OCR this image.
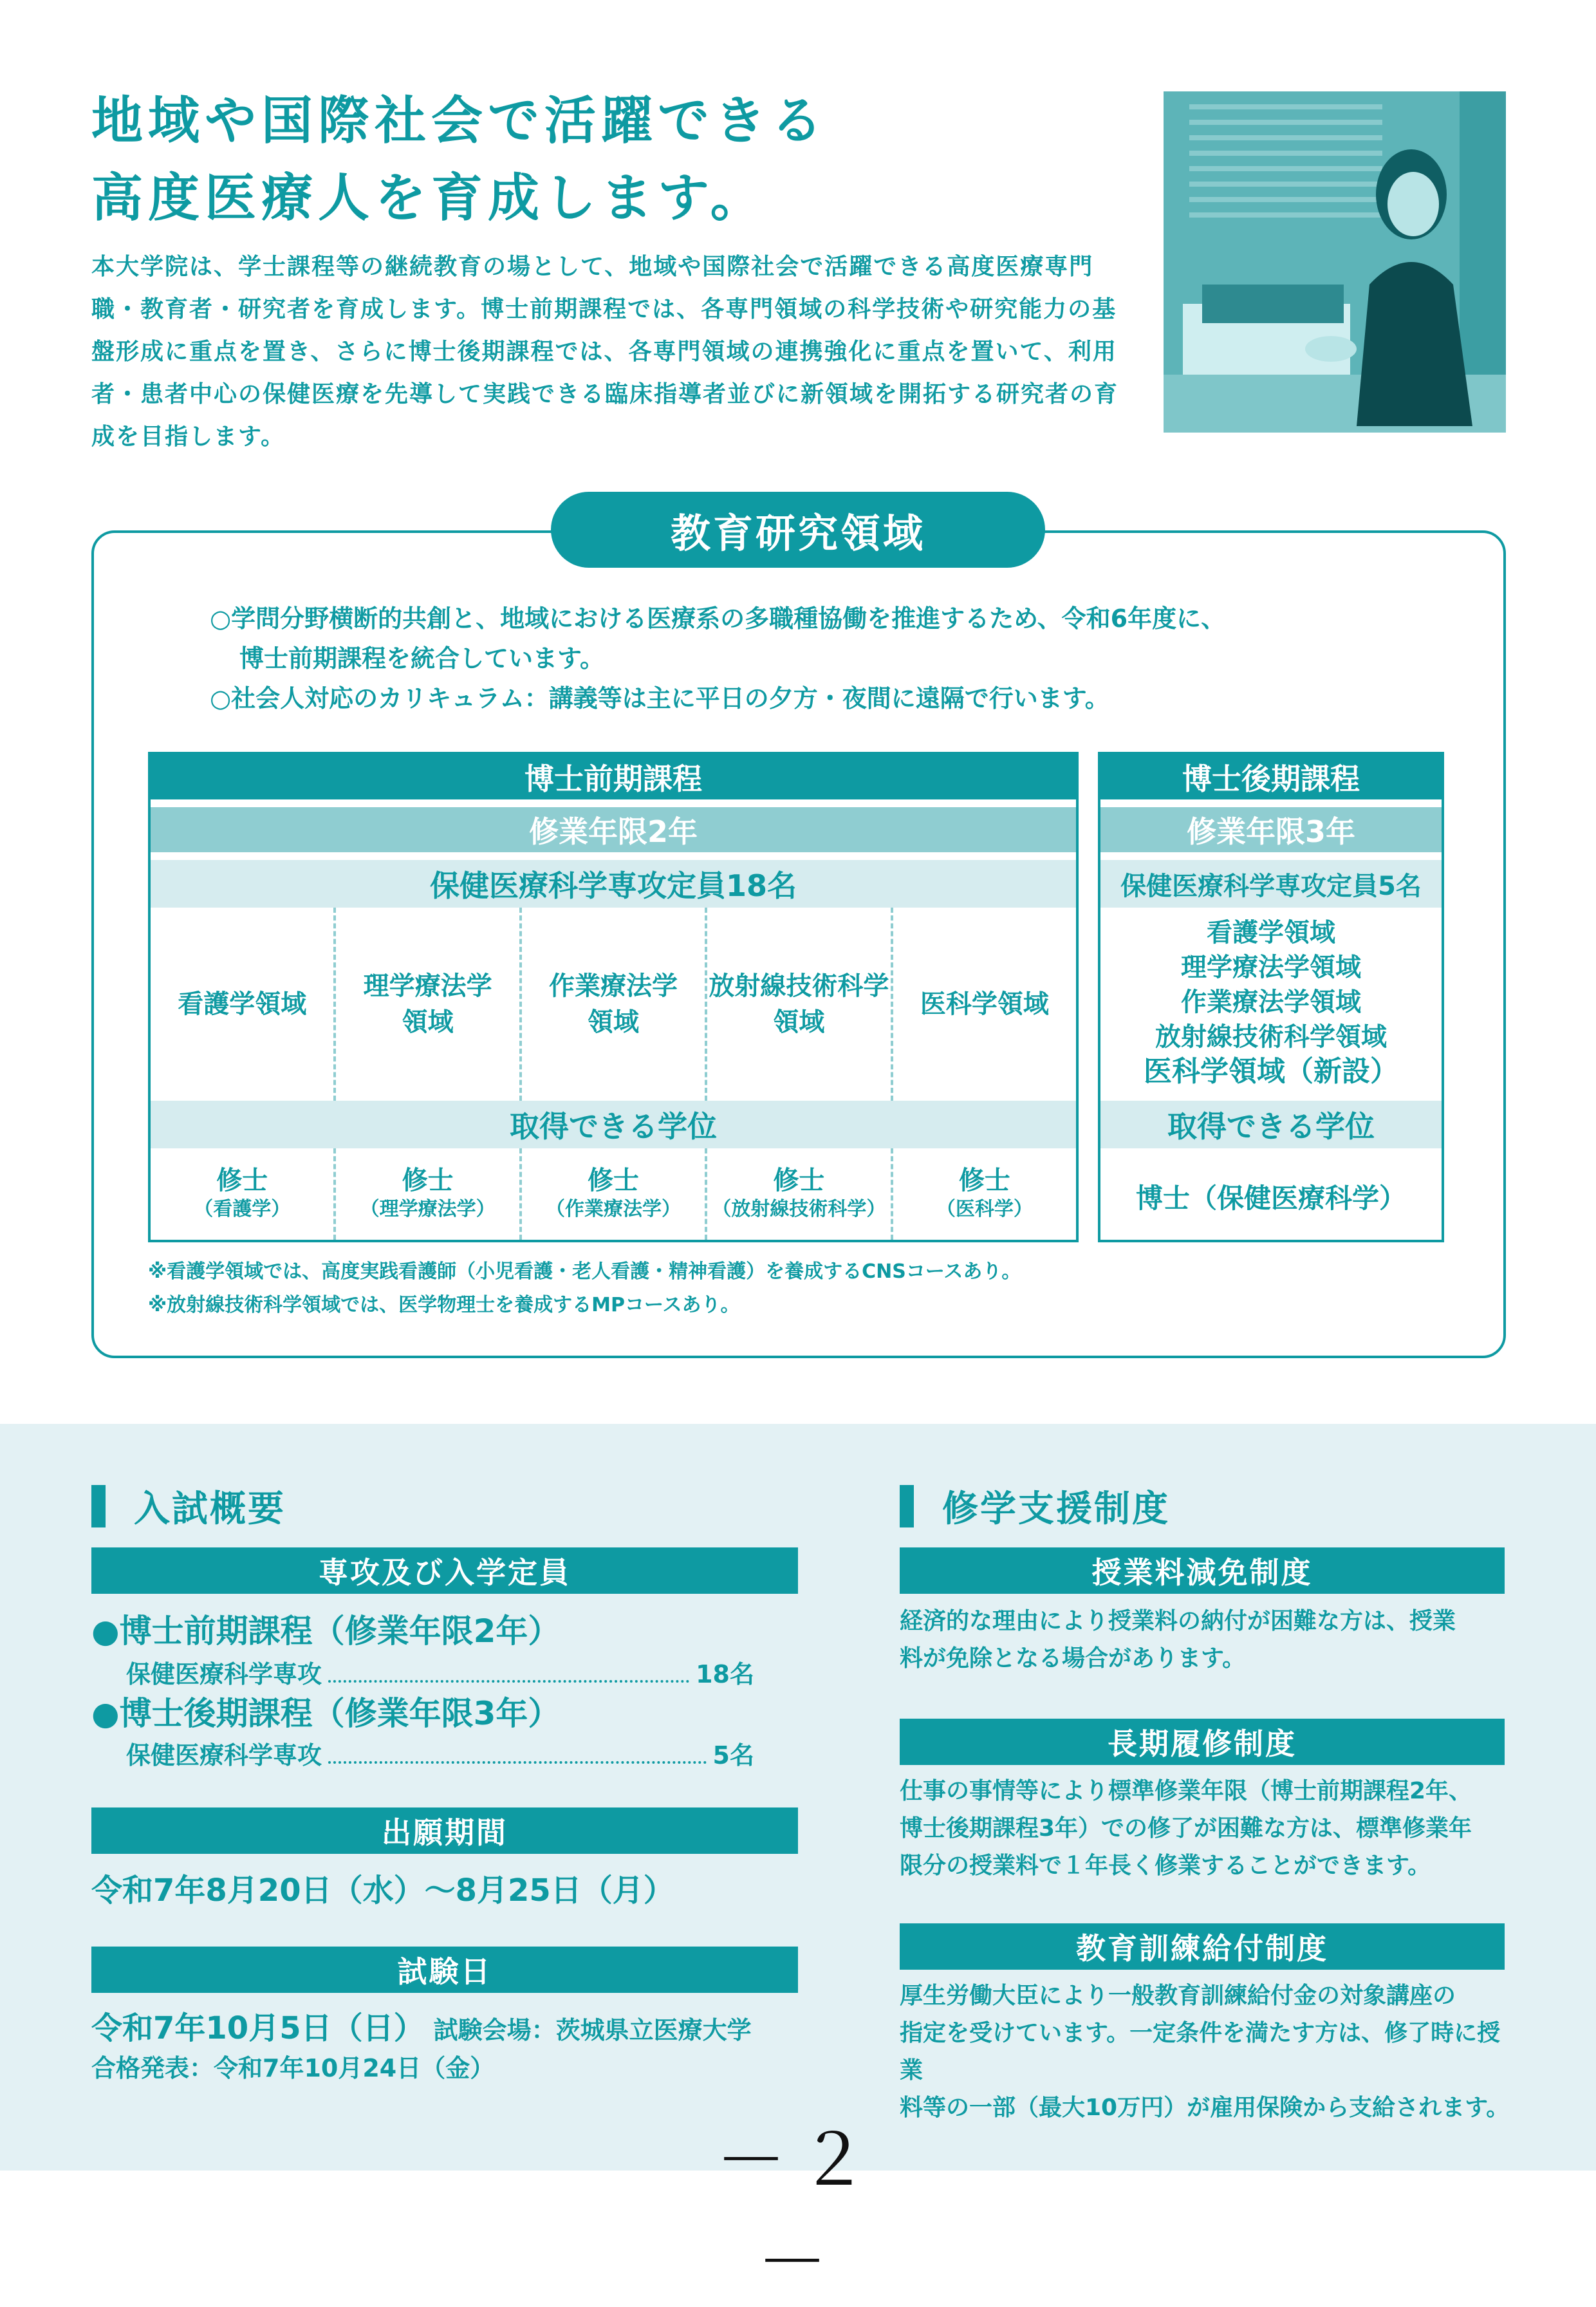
地域や国際社会で活躍できる
高度医療人を育成します。
本大学院は、学士課程等の継続教育の場として、地域や国際社会で活躍できる高度医療専門職・教育者・研究者を育成します。博士前期課程では、各専門領域の科学技術や研究能力の基盤形成に重点を置き、さらに博士後期課程では、各専門領域の連携強化に重点を置いて、利用者・患者中心の保健医療を先導して実践できる臨床指導者並びに新領域を開拓する研究者の育成を目指します。
教育研究領域
○学問分野横断的共創と、地域における医療系の多職種協働を推進するため、令和6年度に、
博士前期課程を統合しています。
○社会人対応のカリキュラム：講義等は主に平日の夕方・夜間に遠隔で行います。
博士前期課程
修業年限2年
保健医療科学専攻定員18名
看護学領域
理学療法学
領域
作業療法学
領域
放射線技術科学
領域
医科学領域
取得できる学位
修士
（看護学）
修士
（理学療法学）
修士
（作業療法学）
修士
（放射線技術科学）
修士
（医科学）
博士後期課程
修業年限3年
保健医療科学専攻定員5名
看護学領域
理学療法学領域
作業療法学領域
放射線技術科学領域
医科学領域（新設）
取得できる学位
博士（保健医療科学）
※看護学領域では、高度実践看護師（小児看護・老人看護・精神看護）を養成するCNSコースあり。
※放射線技術科学領域では、医学物理士を養成するMPコースあり。
入試概要
専攻及び入学定員
●博士前期課程（修業年限2年）
保健医療科学専攻	18名
●博士後期課程（修業年限3年）
保健医療科学専攻	5名
出願期間
令和7年8月20日（水）～8月25日（月）
試験日
令和7年10月5日（日） 試験会場：茨城県立医療大学
合格発表：令和7年10月24日（金）
修学支援制度
授業料減免制度
経済的な理由により授業料の納付が困難な方は、授業
料が免除となる場合があります。
長期履修制度
仕事の事情等により標準修業年限（博士前期課程2年、
博士後期課程3年）での修了が困難な方は、標準修業年
限分の授業料で１年長く修業することができます。
教育訓練給付制度
厚生労働大臣により一般教育訓練給付金の対象講座の
指定を受けています。一定条件を満たす方は、修了時に授業
料等の一部（最大10万円）が雇用保険から支給されます。
－２－
